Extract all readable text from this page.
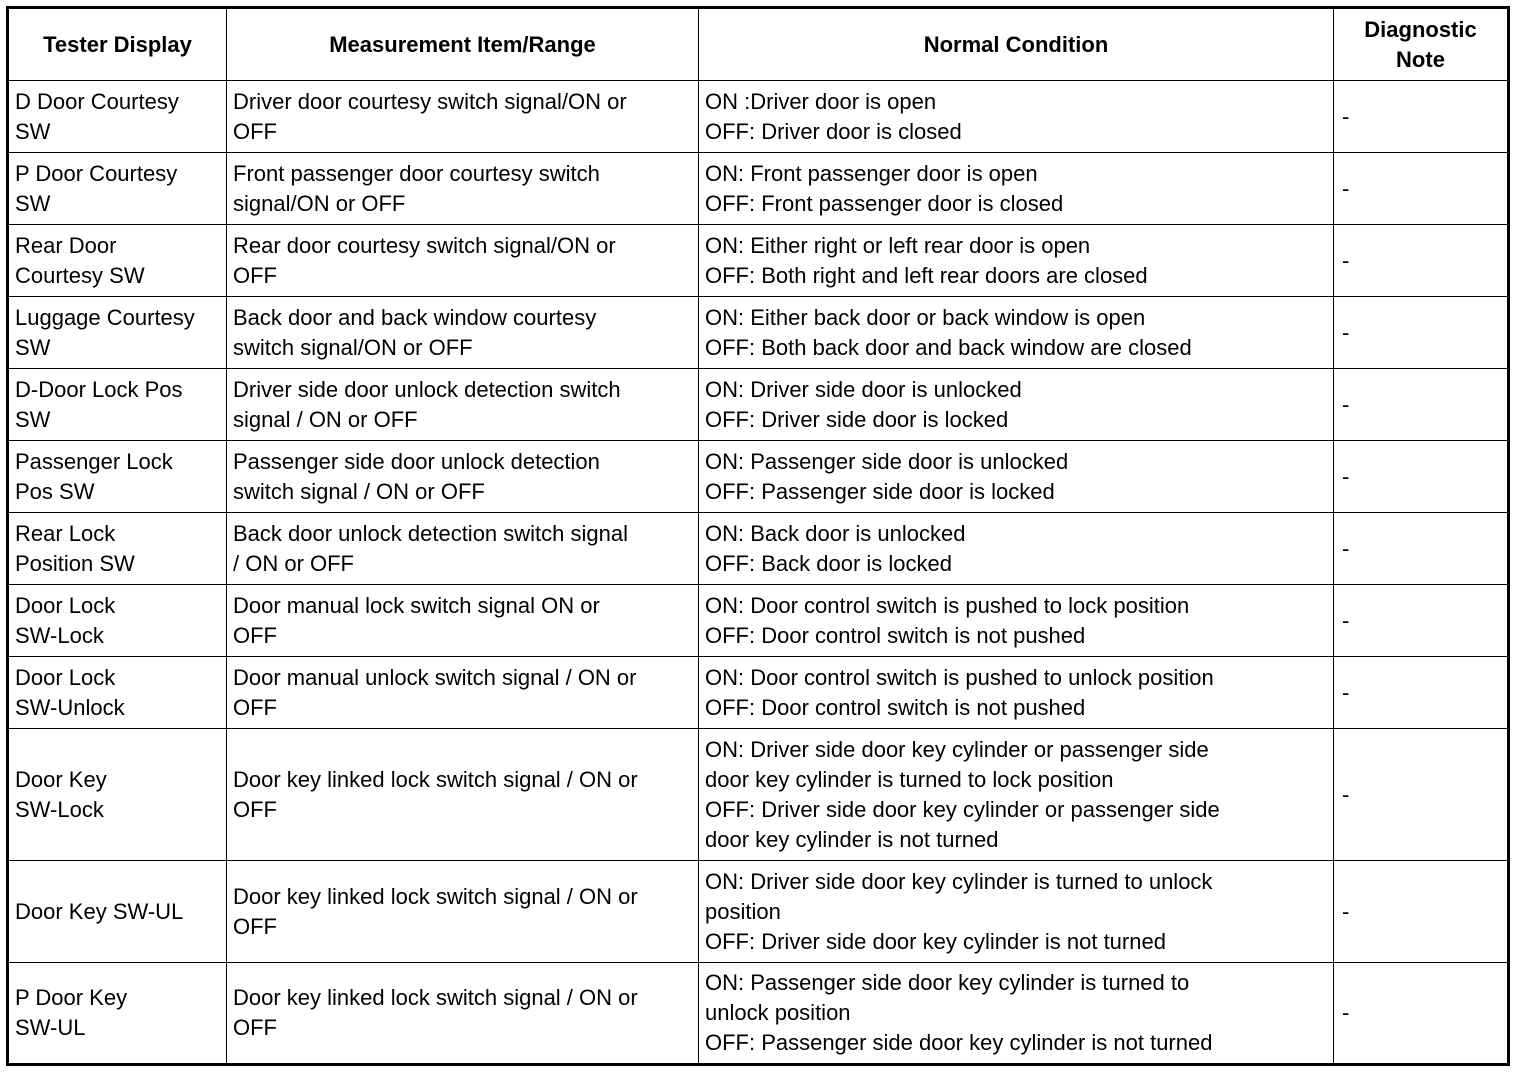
Tester Display	Measurement Item/Range	Normal Condition	Diagnostic
Note

D Door Courtesy
SW	Driver door courtesy switch signal/ON or
OFF	ON :Driver door is open
OFF: Driver door is closed	-

P Door Courtesy
SW	Front passenger door courtesy switch
signal/ON or OFF	ON: Front passenger door is open
OFF: Front passenger door is closed	-

Rear Door
Courtesy SW	Rear door courtesy switch signal/ON or
OFF	ON: Either right or left rear door is open
OFF: Both right and left rear doors are closed	-

Luggage Courtesy
SW	Back door and back window courtesy
switch signal/ON or OFF	ON: Either back door or back window is open
OFF: Both back door and back window are closed	-

D-Door Lock Pos
SW	Driver side door unlock detection switch
signal / ON or OFF	ON: Driver side door is unlocked
OFF: Driver side door is locked	-

Passenger Lock
Pos SW	Passenger side door unlock detection
switch signal / ON or OFF	ON: Passenger side door is unlocked
OFF: Passenger side door is locked	-

Rear Lock
Position SW	Back door unlock detection switch signal
/ ON or OFF	ON: Back door is unlocked
OFF: Back door is locked	-

Door Lock
SW-Lock	Door manual lock switch signal ON or
OFF	ON: Door control switch is pushed to lock position
OFF: Door control switch is not pushed	-

Door Lock
SW-Unlock	Door manual unlock switch signal / ON or
OFF	ON: Door control switch is pushed to unlock position
OFF: Door control switch is not pushed	-

Door Key
SW-Lock	Door key linked lock switch signal / ON or
OFF	ON: Driver side door key cylinder or passenger side
door key cylinder is turned to lock position
OFF: Driver side door key cylinder or passenger side
door key cylinder is not turned	-

Door Key SW-UL	Door key linked lock switch signal / ON or
OFF	ON: Driver side door key cylinder is turned to unlock
position
OFF: Driver side door key cylinder is not turned	-

P Door Key
SW-UL	Door key linked lock switch signal / ON or
OFF	ON: Passenger side door key cylinder is turned to
unlock position
OFF: Passenger side door key cylinder is not turned	-
